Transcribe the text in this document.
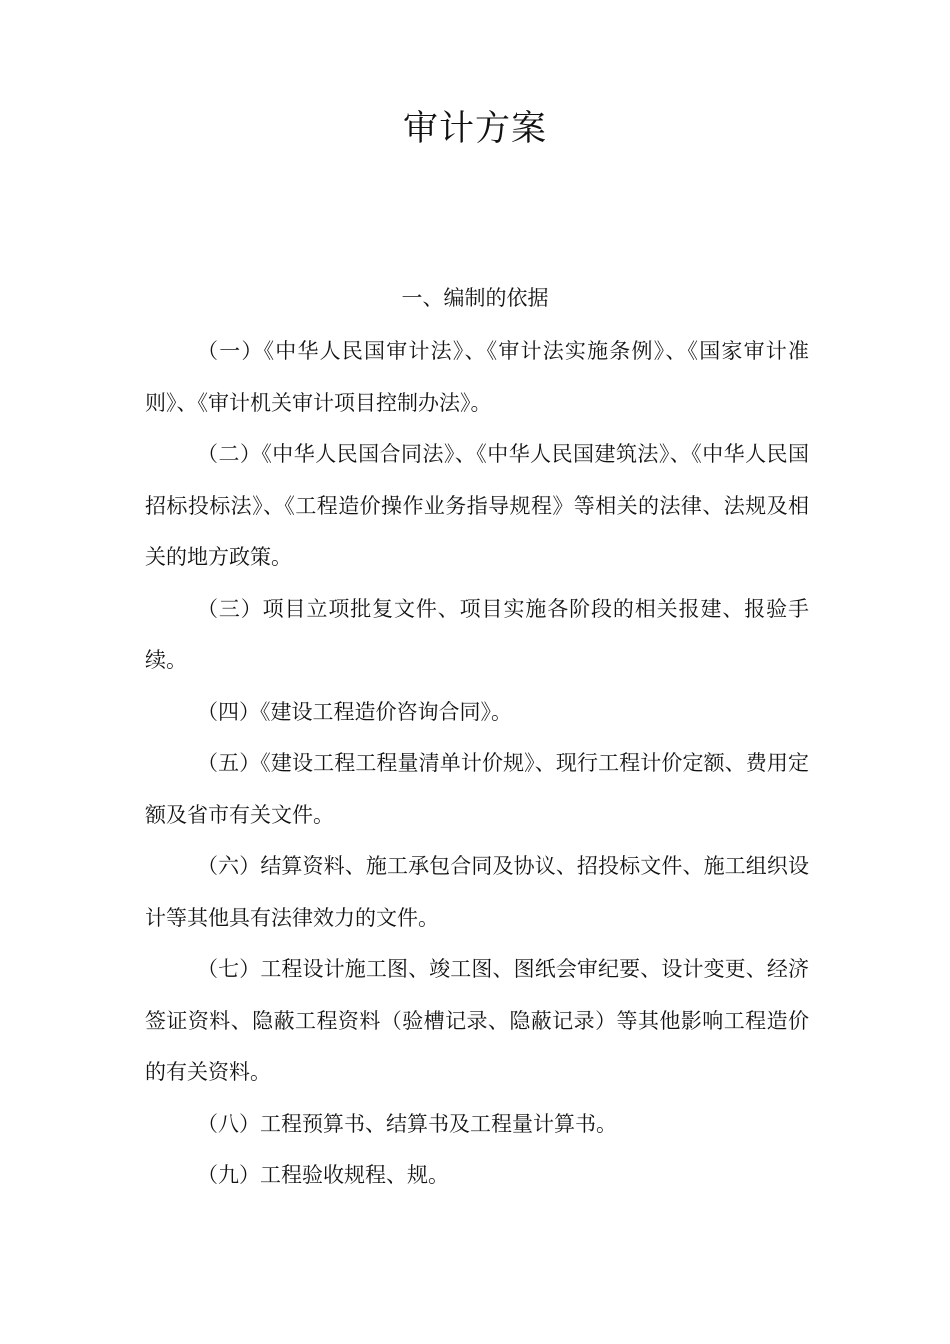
审计方案
一、编制的依据

（一）《中华人民国审计法》、《审计法实施条例》、《国家审计准则》、《审计机关审计项目控制办法》。

（二）《中华人民国合同法》、《中华人民国建筑法》、《中华人民国招标投标法》、《工程造价操作业务指导规程》等相关的法律、法规及相关的地方政策。

（三）项目立项批复文件、项目实施各阶段的相关报建、报验手续。

（四）《建设工程造价咨询合同》。

（五）《建设工程工程量清单计价规》、现行工程计价定额、费用定额及省市有关文件。

（六）结算资料、施工承包合同及协议、招投标文件、施工组织设计等其他具有法律效力的文件。

（七）工程设计施工图、竣工图、图纸会审纪要、设计变更、经济签证资料、隐蔽工程资料（验槽记录、隐蔽记录）等其他影响工程造价的有关资料。

（八）工程预算书、结算书及工程量计算书。

（九）工程验收规程、规。
